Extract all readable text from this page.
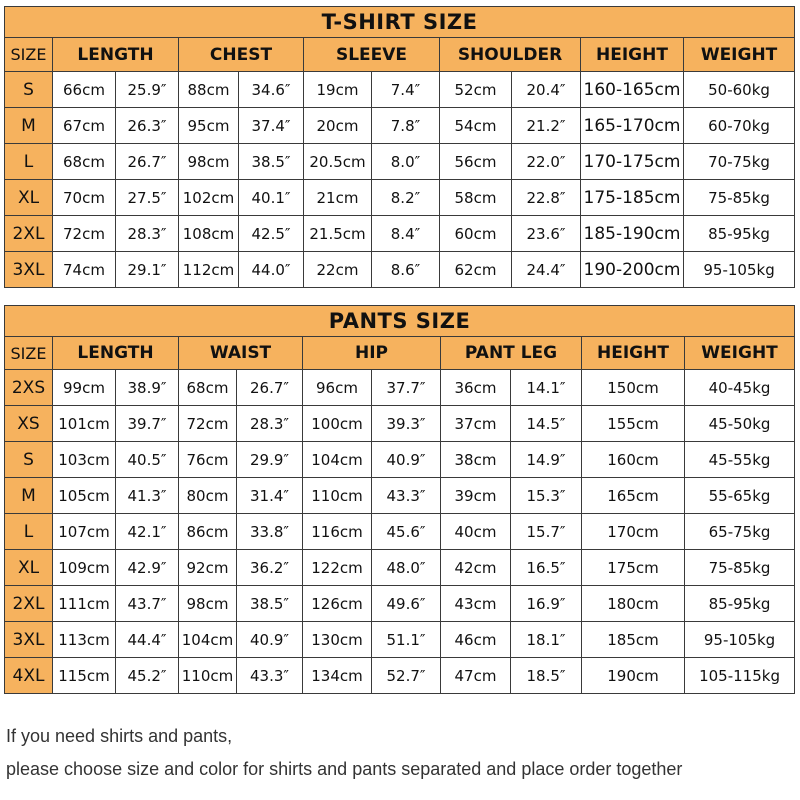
T-SHIRT SIZE										
SIZE	LENGTH		CHEST		SLEEVE		SHOULDER		HEIGHT	WEIGHT
S	66cm	25.9″	88cm	34.6″	19cm	7.4″	52cm	20.4″	160-165cm	50-60kg
M	67cm	26.3″	95cm	37.4″	20cm	7.8″	54cm	21.2″	165-170cm	60-70kg
L	68cm	26.7″	98cm	38.5″	20.5cm	8.0″	56cm	22.0″	170-175cm	70-75kg
XL	70cm	27.5″	102cm	40.1″	21cm	8.2″	58cm	22.8″	175-185cm	75-85kg
2XL	72cm	28.3″	108cm	42.5″	21.5cm	8.4″	60cm	23.6″	185-190cm	85-95kg
3XL	74cm	29.1″	112cm	44.0″	22cm	8.6″	62cm	24.4″	190-200cm	95-105kg
PANTS SIZE										
SIZE	LENGTH		WAIST		HIP		PANT LEG		HEIGHT	WEIGHT
2XS	99cm	38.9″	68cm	26.7″	96cm	37.7″	36cm	14.1″	150cm	40-45kg
XS	101cm	39.7″	72cm	28.3″	100cm	39.3″	37cm	14.5″	155cm	45-50kg
S	103cm	40.5″	76cm	29.9″	104cm	40.9″	38cm	14.9″	160cm	45-55kg
M	105cm	41.3″	80cm	31.4″	110cm	43.3″	39cm	15.3″	165cm	55-65kg
L	107cm	42.1″	86cm	33.8″	116cm	45.6″	40cm	15.7″	170cm	65-75kg
XL	109cm	42.9″	92cm	36.2″	122cm	48.0″	42cm	16.5″	175cm	75-85kg
2XL	111cm	43.7″	98cm	38.5″	126cm	49.6″	43cm	16.9″	180cm	85-95kg
3XL	113cm	44.4″	104cm	40.9″	130cm	51.1″	46cm	18.1″	185cm	95-105kg
4XL	115cm	45.2″	110cm	43.3″	134cm	52.7″	47cm	18.5″	190cm	105-115kg
If you need shirts and pants,
please choose size and color for shirts and pants separated and place order together
